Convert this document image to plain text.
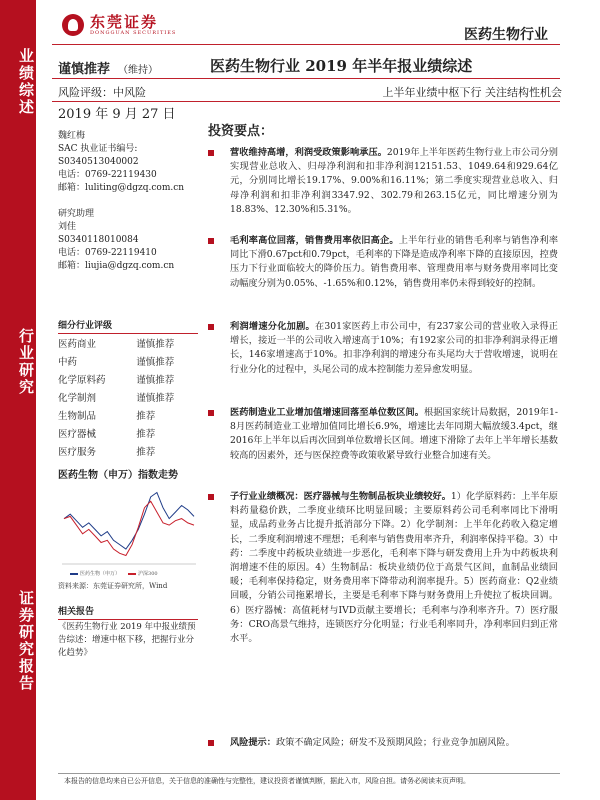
业绩综述
行业研究
证券研究报告
东莞证券
DONGGUAN SECURITIES	医药生物行业
谨慎推荐 （维持）	医药生物行业 2019 年半年报业绩综述
风险评级：中风险	上半年业绩中枢下行 关注结构性机会
2019 年 9 月 27 日
魏红梅
SAC 执业证书编号:
S0340513040002
电话：0769-22119430
邮箱：luliting@dgzq.com.cn
研究助理
刘佳
S0340118010084
电话：0769-22119410
邮箱：liujia@dgzq.com.cn
细分行业评级
医药商业	谨慎推荐
中药	谨慎推荐
化学原料药	谨慎推荐
化学制剂	谨慎推荐
生物制品	推荐
医疗器械	推荐
医疗服务	推荐
医药生物（申万）指数走势
医药生物（申万）	沪深300
资料来源：东莞证券研究所，Wind
相关报告
《医药生物行业 2019 年中报业绩预告综述：增速中枢下移，把握行业分化趋势》
投资要点：
营收维持高增，利润受政策影响承压。2019年上半年医药生物行业上市公司分别实现营业总收入、归母净利润和扣非净利润12151.53、1049.64和929.64亿元，分别同比增长19.17%、9.00%和16.11%；第二季度实现营业总收入、归母净利润和扣非净利润3347.92、302.79和263.15亿元，同比增速分别为18.83%、12.30%和5.31%。
毛利率高位回落，销售费用率依旧高企。上半年行业的销售毛利率与销售净利率同比下滑0.67pct和0.79pct，毛利率的下降是造成净利率下降的直接原因，控费压力下行业面临较大的降价压力。销售费用率、管理费用率与财务费用率同比变动幅度分别为0.05%、-1.65%和0.12%，销售费用率仍未得到较好的控制。
利润增速分化加剧。在301家医药上市公司中，有237家公司的营业收入录得正增长，接近一半的公司收入增速高于10%；有192家公司的扣非净利润录得正增长，146家增速高于10%。扣非净利润的增速分布头尾均大于营收增速，说明在行业分化的过程中，头尾公司的成本控制能力差异愈发明显。
医药制造业工业增加值增速回落至单位数区间。根据国家统计局数据，2019年1-8月医药制造业工业增加值同比增长6.9%，增速比去年同期大幅放缓3.4pct，继2016年上半年以后再次回到单位数增长区间。增速下滑除了去年上半年增长基数较高的因素外，还与医保控费等政策收紧导致行业整合加速有关。
子行业业绩概况：医疗器械与生物制品板块业绩较好。1）化学原料药：上半年原料药量稳价跌，二季度业绩环比明显回暖；主要原料药公司毛利率同比下滑明显，成品药业务占比提升抵消部分下降。2）化学制剂：上半年化药收入稳定增长，二季度利润增速不理想；毛利率与销售费用率齐升，利润率保持平稳。3）中药：二季度中药板块业绩进一步恶化，毛利率下降与研发费用上升为中药板块利润增速不佳的原因。4）生物制品：板块业绩仍位于高景气区间，血制品业绩回暖；毛利率保持稳定，财务费用率下降带动利润率提升。5）医药商业：Q2业绩回暖，分销公司拖累增长，主要是毛利率下降与财务费用上升使拉了板块回调。6）医疗器械：高值耗材与IVD贡献主要增长；毛利率与净利率齐升。7）医疗服务：CRO高景气维持，连锁医疗分化明显；行业毛利率同升，净利率回归到正常水平。
风险提示：政策不确定风险；研发不及预期风险；行业竞争加剧风险。
本报告的信息均来自已公开信息，关于信息的准确性与完整性，建议投资者谨慎判断，据此入市，风险自担。请务必阅读末页声明。
